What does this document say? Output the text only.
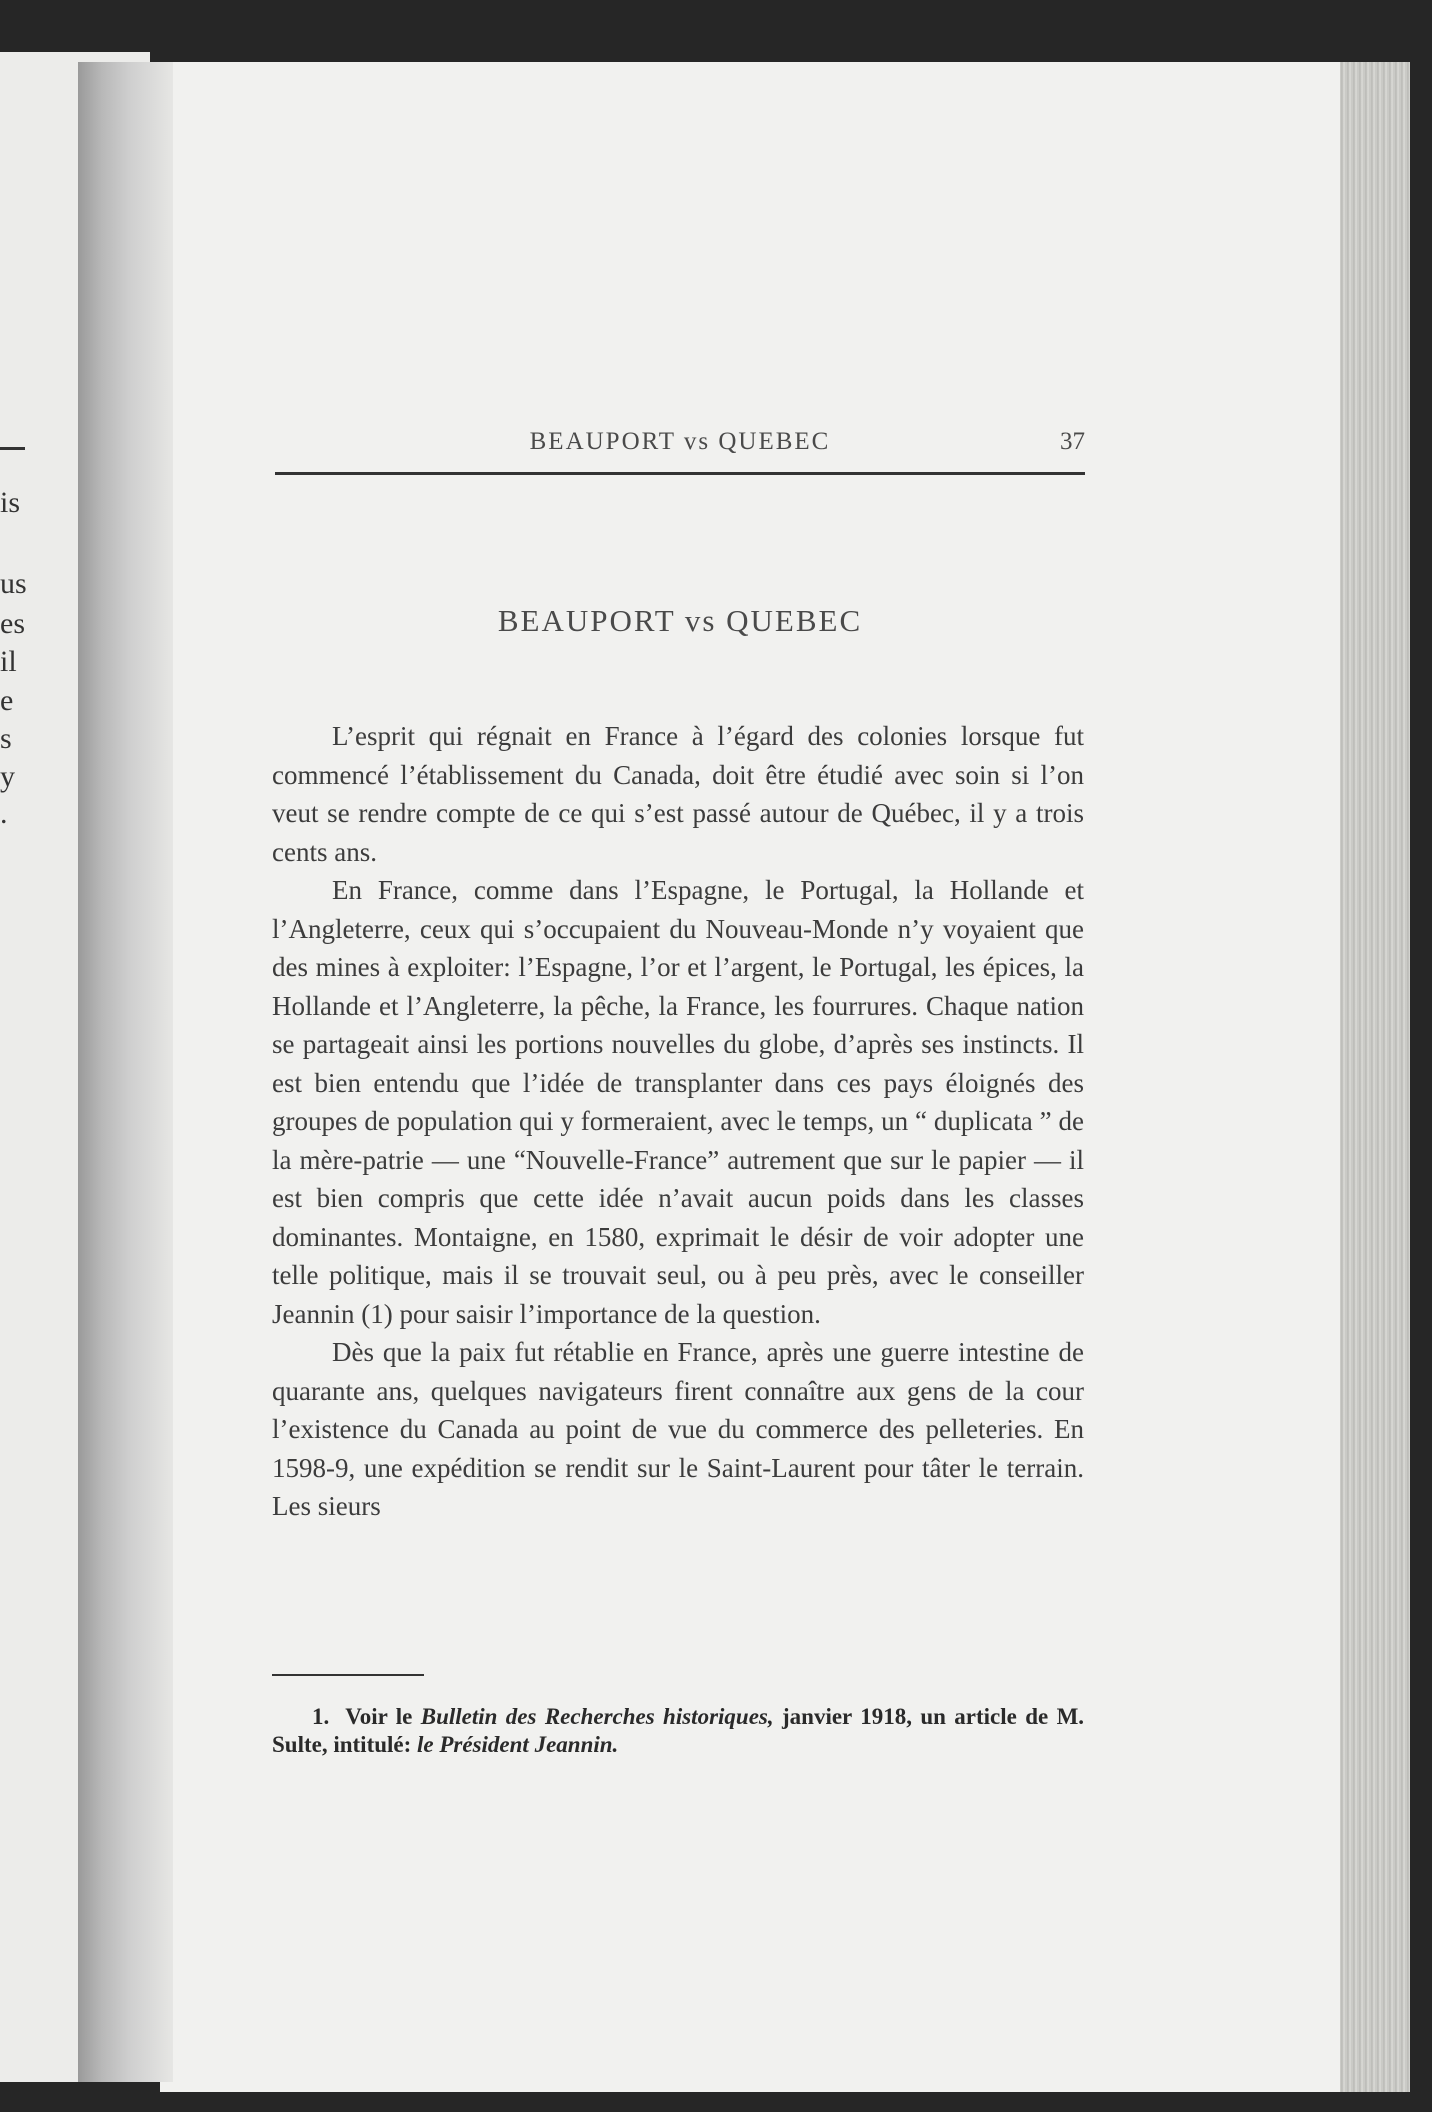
is
us
es
il
e
s
y
.
BEAUPORT vs QUEBEC	37
BEAUPORT vs QUEBEC

L’esprit qui régnait en France à l’égard des colonies lorsque fut commencé l’établissement du Canada, doit être étudié avec soin si l’on veut se rendre compte de ce qui s’est passé autour de Québec, il y a trois cents ans.

En France, comme dans l’Espagne, le Portugal, la Hollande et l’Angleterre, ceux qui s’occupaient du Nouveau-Monde n’y voyaient que des mines à exploiter: l’Espagne, l’or et l’argent, le Portugal, les épices, la Hollande et l’Angleterre, la pêche, la France, les fourrures. Chaque nation se partageait ainsi les portions nouvelles du globe, d’après ses instincts. Il est bien entendu que l’idée de transplanter dans ces pays éloignés des groupes de population qui y formeraient, avec le temps, un “ duplicata ” de la mère-patrie — une “Nouvelle-France” autrement que sur le papier — il est bien compris que cette idée n’avait aucun poids dans les classes dominantes. Montaigne, en 1580, exprimait le désir de voir adopter une telle politique, mais il se trouvait seul, ou à peu près, avec le conseiller Jeannin (1) pour saisir l’importance de la question.

Dès que la paix fut rétablie en France, après une guerre intestine de quarante ans, quelques navigateurs firent connaître aux gens de la cour l’existence du Canada au point de vue du commerce des pelleteries. En 1598-9, une expédition se rendit sur le Saint-Laurent pour tâter le terrain. Les sieurs

1. Voir le Bulletin des Recherches historiques, janvier 1918, un article de M. Sulte, intitulé: le Président Jeannin.
